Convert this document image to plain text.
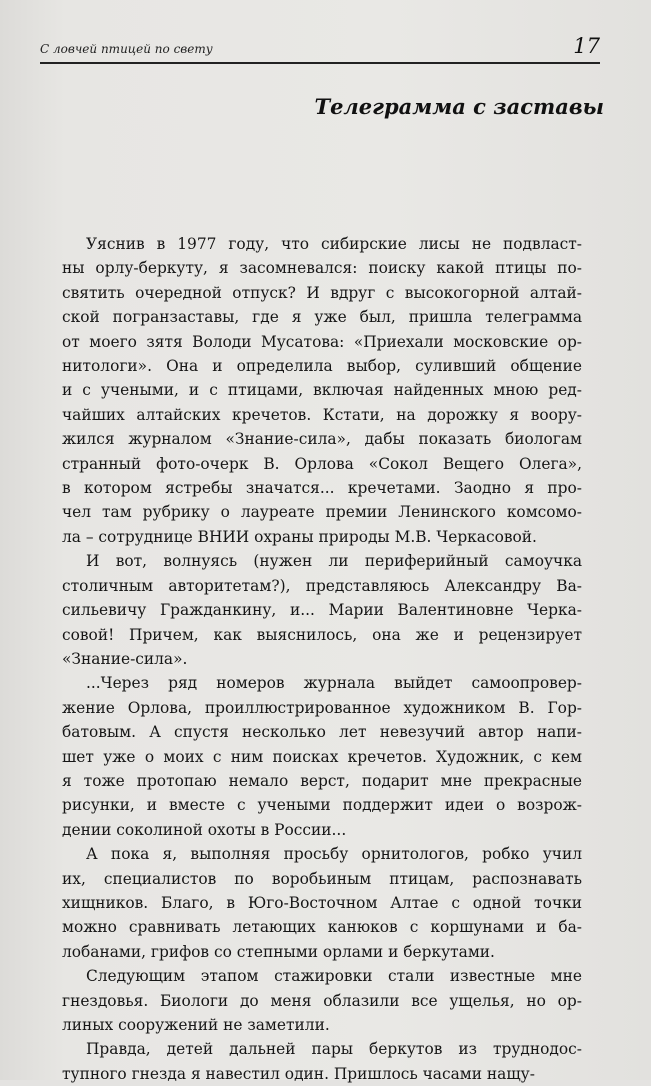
С ловчей птицей по свету	17
Телеграмма с заставы
Уяснив в 1977 году, что сибирские лисы не подвласт-
ны орлу-беркуту, я засомневался: поиску какой птицы по-
святить очередной отпуск? И вдруг с высокогорной алтай-
ской погранзаставы, где я уже был, пришла телеграмма
от моего зятя Володи Мусатова: «Приехали московские ор-
нитологи». Она и определила выбор, суливший общение
и с учеными, и с птицами, включая найденных мною ред-
чайших алтайских кречетов. Кстати, на дорожку я воору-
жился журналом «Знание-сила», дабы показать биологам
странный фото-очерк В. Орлова «Сокол Вещего Олега»,
в котором ястребы значатся... кречетами. Заодно я про-
чел там рубрику о лауреате премии Ленинского комсомо-
ла – сотруднице ВНИИ охраны природы М.В. Черкасовой.
И вот, волнуясь (нужен ли периферийный самоучка
столичным авторитетам?), представляюсь Александру Ва-
сильевичу Гражданкину, и... Марии Валентиновне Черка-
совой! Причем, как выяснилось, она же и рецензирует
«Знание-сила».
...Через ряд номеров журнала выйдет самоопровер-
жение Орлова, проиллюстрированное художником В. Гор-
батовым. А спустя несколько лет невезучий автор напи-
шет уже о моих с ним поисках кречетов. Художник, с кем
я тоже протопаю немало верст, подарит мне прекрасные
рисунки, и вместе с учеными поддержит идеи о возрож-
дении соколиной охоты в России...
А пока я, выполняя просьбу орнитологов, робко учил
их, специалистов по воробьиным птицам, распознавать
хищников. Благо, в Юго-Восточном Алтае с одной точки
можно сравнивать летающих канюков с коршунами и ба-
лобанами, грифов со степными орлами и беркутами.
Следующим этапом стажировки стали известные мне
гнездовья. Биологи до меня облазили все ущелья, но ор-
линых сооружений не заметили.
Правда, детей дальней пары беркутов из труднодос-
тупного гнезда я навестил один. Пришлось часами нащу-
